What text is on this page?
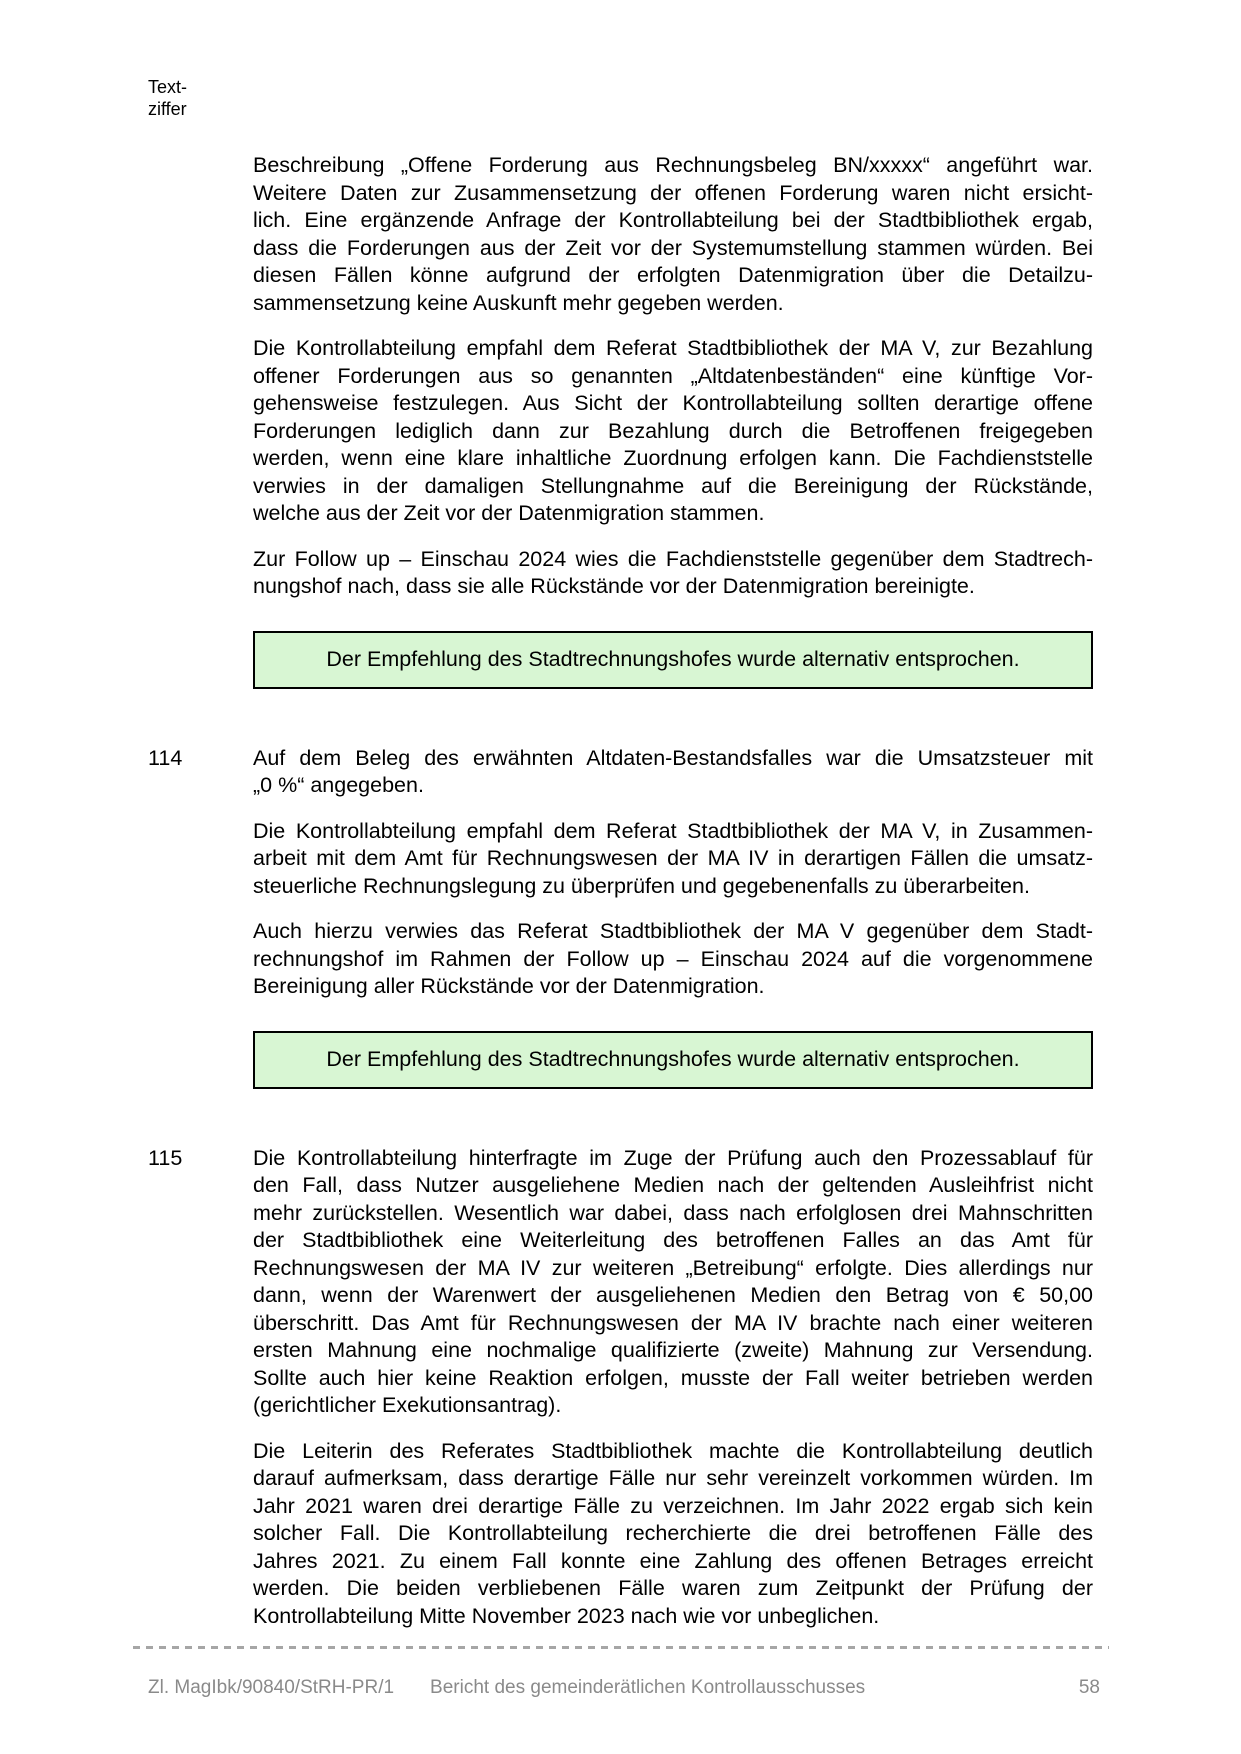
Text-
ziffer
Beschreibung „Offene Forderung aus Rechnungsbeleg BN/xxxxx“ angeführt war.
Weitere Daten zur Zusammensetzung der offenen Forderung waren nicht ersicht-
lich. Eine ergänzende Anfrage der Kontrollabteilung bei der Stadtbibliothek ergab,
dass die Forderungen aus der Zeit vor der Systemumstellung stammen würden. Bei
diesen Fällen könne aufgrund der erfolgten Datenmigration über die Detailzu-
sammensetzung keine Auskunft mehr gegeben werden.
Die Kontrollabteilung empfahl dem Referat Stadtbibliothek der MA V, zur Bezahlung
offener Forderungen aus so genannten „Altdatenbeständen“ eine künftige Vor-
gehensweise festzulegen. Aus Sicht der Kontrollabteilung sollten derartige offene
Forderungen lediglich dann zur Bezahlung durch die Betroffenen freigegeben
werden, wenn eine klare inhaltliche Zuordnung erfolgen kann. Die Fachdienststelle
verwies in der damaligen Stellungnahme auf die Bereinigung der Rückstände,
welche aus der Zeit vor der Datenmigration stammen.
Zur Follow up – Einschau 2024 wies die Fachdienststelle gegenüber dem Stadtrech-
nungshof nach, dass sie alle Rückstände vor der Datenmigration bereinigte.
Der Empfehlung des Stadtrechnungshofes wurde alternativ entsprochen.
114	Auf dem Beleg des erwähnten Altdaten-Bestandsfalles war die Umsatzsteuer mit
„0 %“ angegeben.
Die Kontrollabteilung empfahl dem Referat Stadtbibliothek der MA V, in Zusammen-
arbeit mit dem Amt für Rechnungswesen der MA IV in derartigen Fällen die umsatz-
steuerliche Rechnungslegung zu überprüfen und gegebenenfalls zu überarbeiten.
Auch hierzu verwies das Referat Stadtbibliothek der MA V gegenüber dem Stadt-
rechnungshof im Rahmen der Follow up – Einschau 2024 auf die vorgenommene
Bereinigung aller Rückstände vor der Datenmigration.
Der Empfehlung des Stadtrechnungshofes wurde alternativ entsprochen.
115	Die Kontrollabteilung hinterfragte im Zuge der Prüfung auch den Prozessablauf für
den Fall, dass Nutzer ausgeliehene Medien nach der geltenden Ausleihfrist nicht
mehr zurückstellen. Wesentlich war dabei, dass nach erfolglosen drei Mahnschritten
der Stadtbibliothek eine Weiterleitung des betroffenen Falles an das Amt für
Rechnungswesen der MA IV zur weiteren „Betreibung“ erfolgte. Dies allerdings nur
dann, wenn der Warenwert der ausgeliehenen Medien den Betrag von € 50,00
überschritt. Das Amt für Rechnungswesen der MA IV brachte nach einer weiteren
ersten Mahnung eine nochmalige qualifizierte (zweite) Mahnung zur Versendung.
Sollte auch hier keine Reaktion erfolgen, musste der Fall weiter betrieben werden
(gerichtlicher Exekutionsantrag).
Die Leiterin des Referates Stadtbibliothek machte die Kontrollabteilung deutlich
darauf aufmerksam, dass derartige Fälle nur sehr vereinzelt vorkommen würden. Im
Jahr 2021 waren drei derartige Fälle zu verzeichnen. Im Jahr 2022 ergab sich kein
solcher Fall. Die Kontrollabteilung recherchierte die drei betroffenen Fälle des
Jahres 2021. Zu einem Fall konnte eine Zahlung des offenen Betrages erreicht
werden. Die beiden verbliebenen Fälle waren zum Zeitpunkt der Prüfung der
Kontrollabteilung Mitte November 2023 nach wie vor unbeglichen.
Zl. MagIbk/90840/StRH-PR/1 Bericht des gemeinderätlichen Kontrollausschusses	58
